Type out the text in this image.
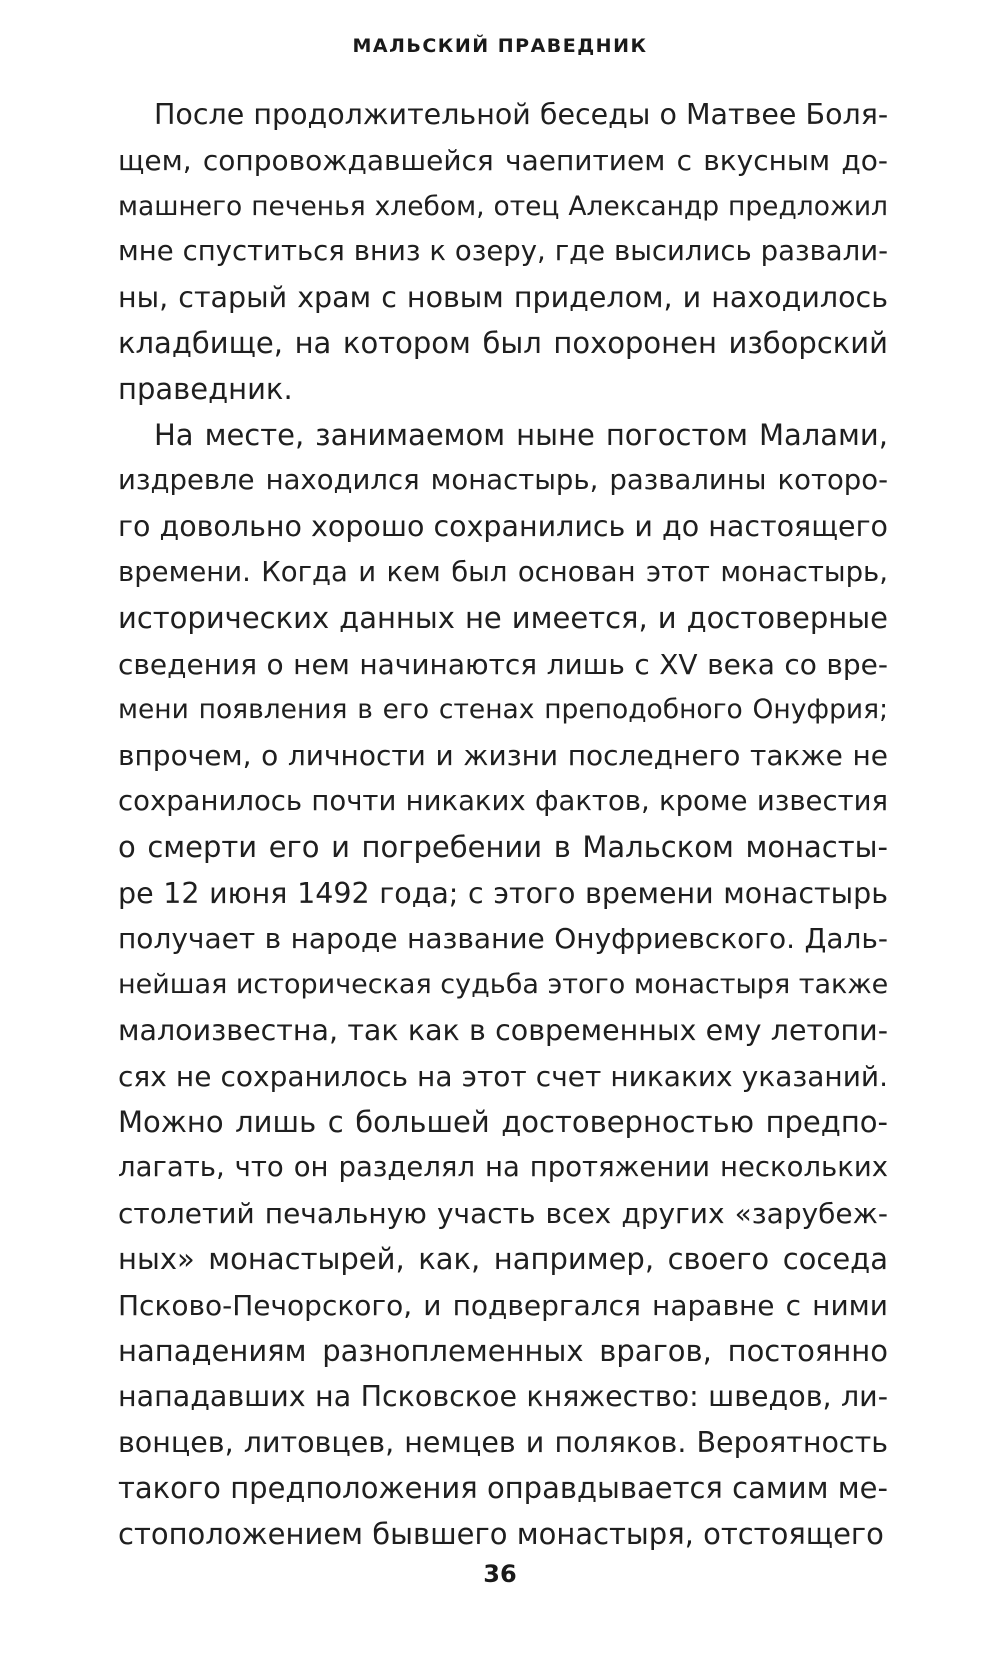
МАЛЬСКИЙ ПРАВЕДНИК
После продолжительной беседы о Матвее Боля-
щем, сопровождавшейся чаепитием с вкусным до-
машнего печенья хлебом, отец Александр предложил
мне спуститься вниз к озеру, где высились развали-
ны, старый храм с новым приделом, и находилось
кладбище, на котором был похоронен изборский
праведник.
На месте, занимаемом ныне погостом Малами,
издревле находился монастырь, развалины которо-
го довольно хорошо сохранились и до настоящего
времени. Когда и кем был основан этот монастырь,
исторических данных не имеется, и достоверные
сведения о нем начинаются лишь с XV века со вре-
мени появления в его стенах преподобного Онуфрия;
впрочем, о личности и жизни последнего также не
сохранилось почти никаких фактов, кроме известия
о смерти его и погребении в Мальском монасты-
ре 12 июня 1492 года; с этого времени монастырь
получает в народе название Онуфриевского. Даль-
нейшая историческая судьба этого монастыря также
малоизвестна, так как в современных ему летопи-
сях не сохранилось на этот счет никаких указаний.
Можно лишь с большей достоверностью предпо-
лагать, что он разделял на протяжении нескольких
столетий печальную участь всех других «зарубеж-
ных» монастырей, как, например, своего соседа
Псково-Печорского, и подвергался наравне с ними
нападениям разноплеменных врагов, постоянно
нападавших на Псковское княжество: шведов, ли-
вонцев, литовцев, немцев и поляков. Вероятность
такого предположения оправдывается самим ме-
стоположением бывшего монастыря, отстоящего
36
